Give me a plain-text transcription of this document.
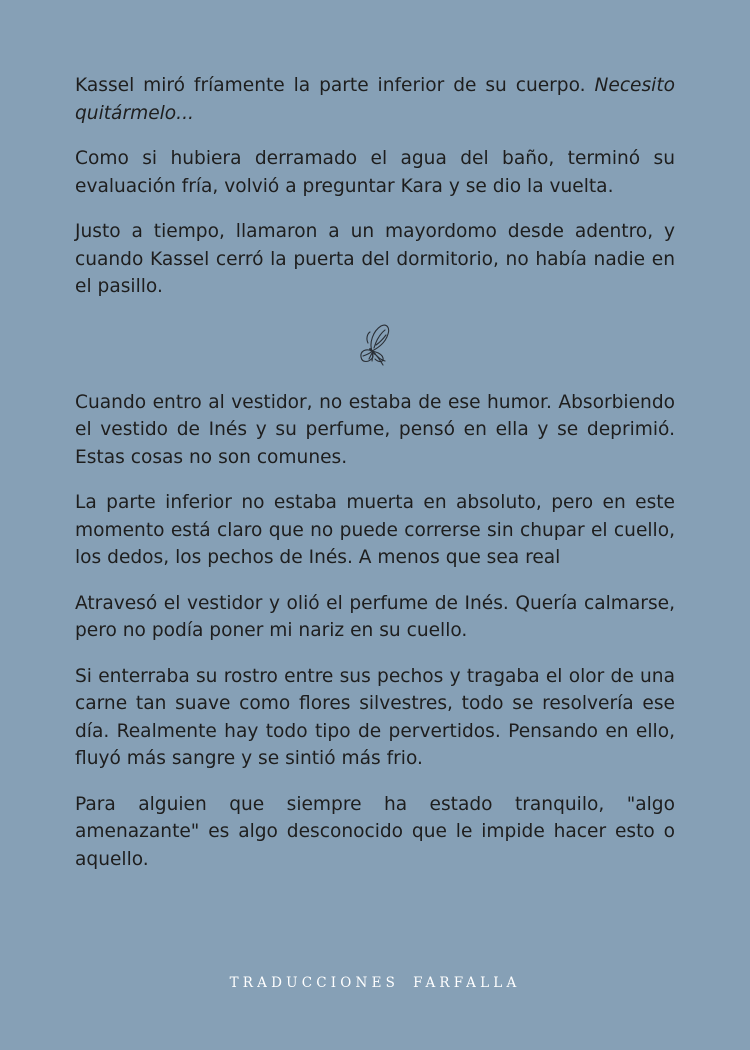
Kassel miró fríamente la parte inferior de su cuerpo. Necesito quitármelo...

Como si hubiera derramado el agua del baño, terminó su evaluación fría, volvió a preguntar Kara y se dio la vuelta.

Justo a tiempo, llamaron a un mayordomo desde adentro, y cuando Kassel cerró la puerta del dormitorio, no había nadie en el pasillo.

Cuando entro al vestidor, no estaba de ese humor. Absorbiendo el vestido de Inés y su perfume, pensó en ella y se deprimió. Estas cosas no son comunes.

La parte inferior no estaba muerta en absoluto, pero en este momento está claro que no puede correrse sin chupar el cuello, los dedos, los pechos de Inés. A menos que sea real

Atravesó el vestidor y olió el perfume de Inés. Quería calmarse, pero no podía poner mi nariz en su cuello.

Si enterraba su rostro entre sus pechos y tragaba el olor de una carne tan suave como flores silvestres, todo se resolvería ese día. Realmente hay todo tipo de pervertidos. Pensando en ello, fluyó más sangre y se sintió más frio.

Para alguien que siempre ha estado tranquilo, "algo amenazante" es algo desconocido que le impide hacer esto o aquello.

TRADUCCIONES FARFALLA
